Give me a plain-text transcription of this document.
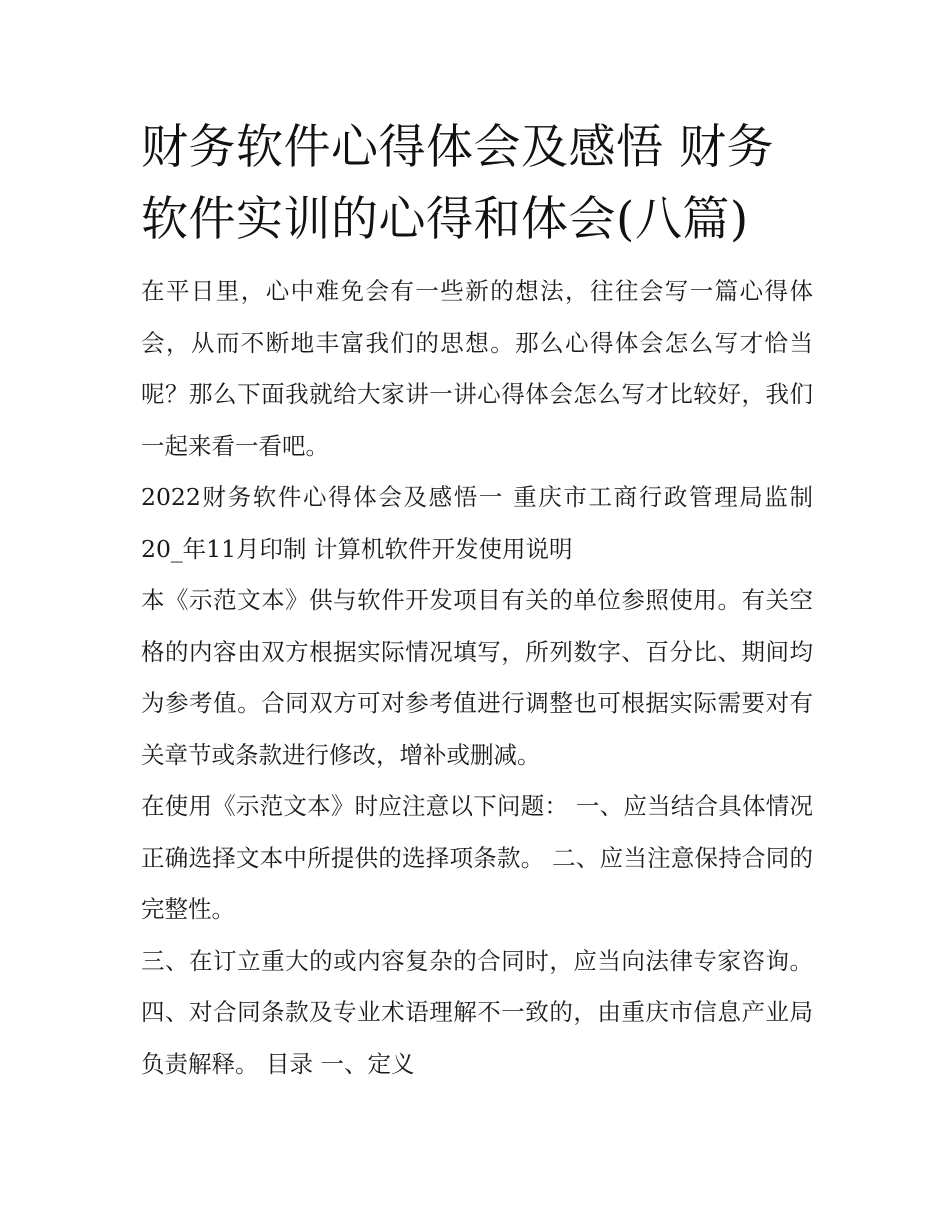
财务软件心得体会及感悟 财务软件实训的心得和体会(八篇)

在平日里，心中难免会有一些新的想法，往往会写一篇心得体会，从而不断地丰富我们的思想。那么心得体会怎么写才恰当呢？那么下面我就给大家讲一讲心得体会怎么写才比较好，我们一起来看一看吧。

2022财务软件心得体会及感悟一 重庆市工商行政管理局监制 20_年11月印制 计算机软件开发使用说明

本《示范文本》供与软件开发项目有关的单位参照使用。有关空格的内容由双方根据实际情况填写，所列数字、百分比、期间均为参考值。合同双方可对参考值进行调整也可根据实际需要对有关章节或条款进行修改，增补或删减。

在使用《示范文本》时应注意以下问题： 一、应当结合具体情况正确选择文本中所提供的选择项条款。 二、应当注意保持合同的完整性。

三、在订立重大的或内容复杂的合同时，应当向法律专家咨询。 四、对合同条款及专业术语理解不一致的，由重庆市信息产业局负责解释。 目录 一、定义
